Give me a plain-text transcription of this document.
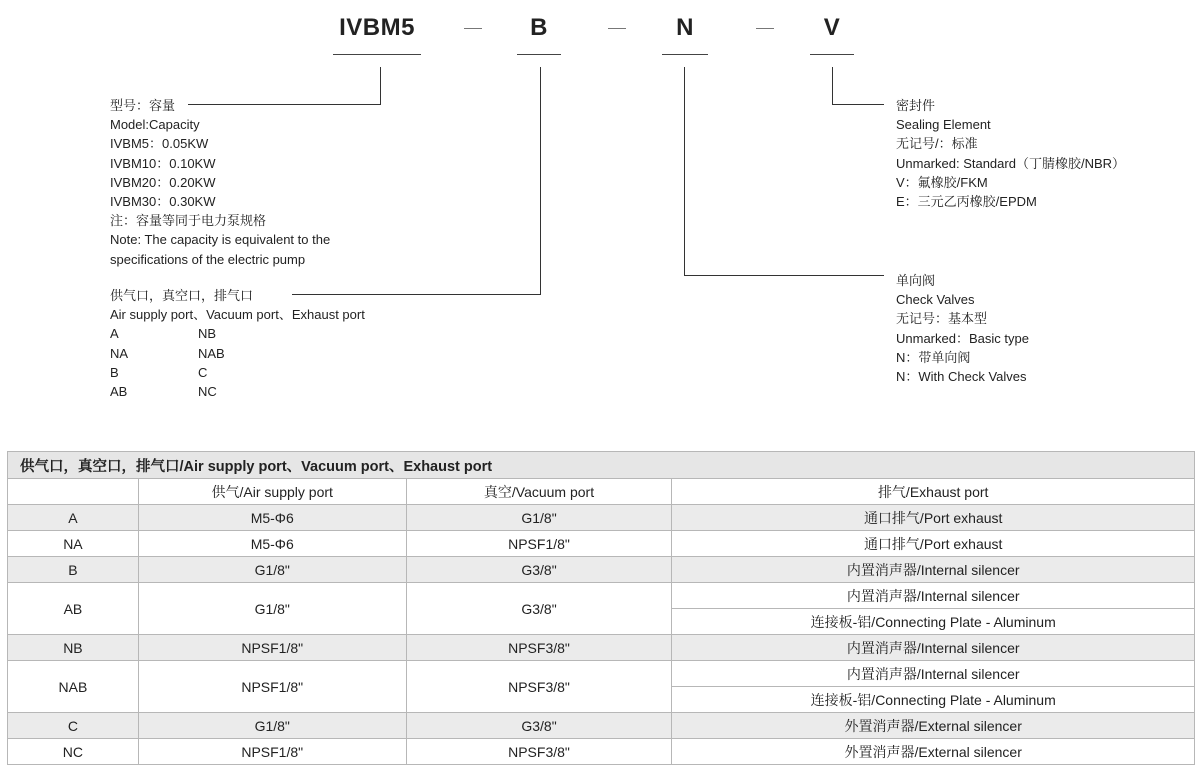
IVBM5	B	N	V
型号：容量
Model:Capacity
IVBM5：0.05KW
IVBM10：0.10KW
IVBM20：0.20KW
IVBM30：0.30KW
注：容量等同于电力泵规格
Note: The capacity is equivalent to the
specifications of the electric pump
供气口，真空口，排气口
Air supply port、Vacuum port、Exhaust port
A	NB
NA	NAB
B	C
AB	NC
密封件
Sealing Element
无记号/：标准
Unmarked: Standard（丁腈橡胶/NBR）
V：氟橡胶/FKM
E：三元乙丙橡胶/EPDM
单向阀
Check Valves
无记号：基本型
Unmarked：Basic type
N：带单向阀
N：With Check Valves
供气口，真空口，排气口/Air supply port、Vacuum port、Exhaust port			
	供气/Air supply port	真空/Vacuum port	排气/Exhaust port
A	M5-Φ6	G1/8"	通口排气/Port exhaust
NA	M5-Φ6	NPSF1/8"	通口排气/Port exhaust
B	G1/8"	G3/8"	内置消声器/Internal silencer
AB	G1/8"	G3/8"	内置消声器/Internal silencer
			连接板-铝/Connecting Plate - Aluminum
NB	NPSF1/8"	NPSF3/8"	内置消声器/Internal silencer
NAB	NPSF1/8"	NPSF3/8"	内置消声器/Internal silencer
			连接板-铝/Connecting Plate - Aluminum
C	G1/8"	G3/8"	外置消声器/External silencer
NC	NPSF1/8"	NPSF3/8"	外置消声器/External silencer
